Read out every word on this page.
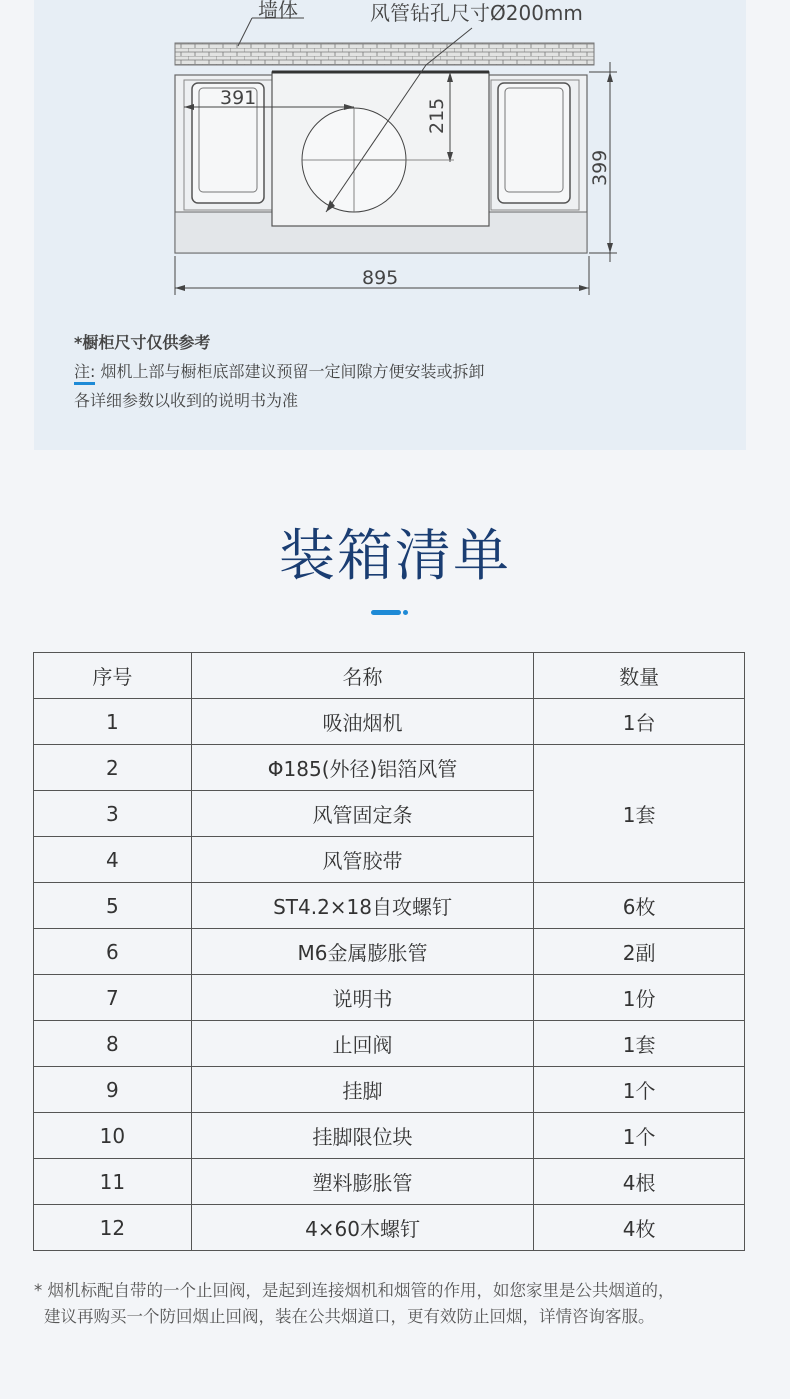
墙体	风管钻孔尺寸Ø200mm
391	215
399
895
*橱柜尺寸仅供参考
注: 烟机上部与橱柜底部建议预留一定间隙方便安装或拆卸
各详细参数以收到的说明书为准
装箱清单
序号	名称	数量
1	吸油烟机	1台
2	Φ185(外径)铝箔风管	1套
3	风管固定条	
4	风管胶带	
5	ST4.2×18自攻螺钉	6枚
6	M6金属膨胀管	2副
7	说明书	1份
8	止回阀	1套
9	挂脚	1个
10	挂脚限位块	1个
11	塑料膨胀管	4根
12	4×60木螺钉	4枚
* 烟机标配自带的一个止回阀，是起到连接烟机和烟管的作用，如您家里是公共烟道的，
建议再购买一个防回烟止回阀，装在公共烟道口，更有效防止回烟，详情咨询客服。
